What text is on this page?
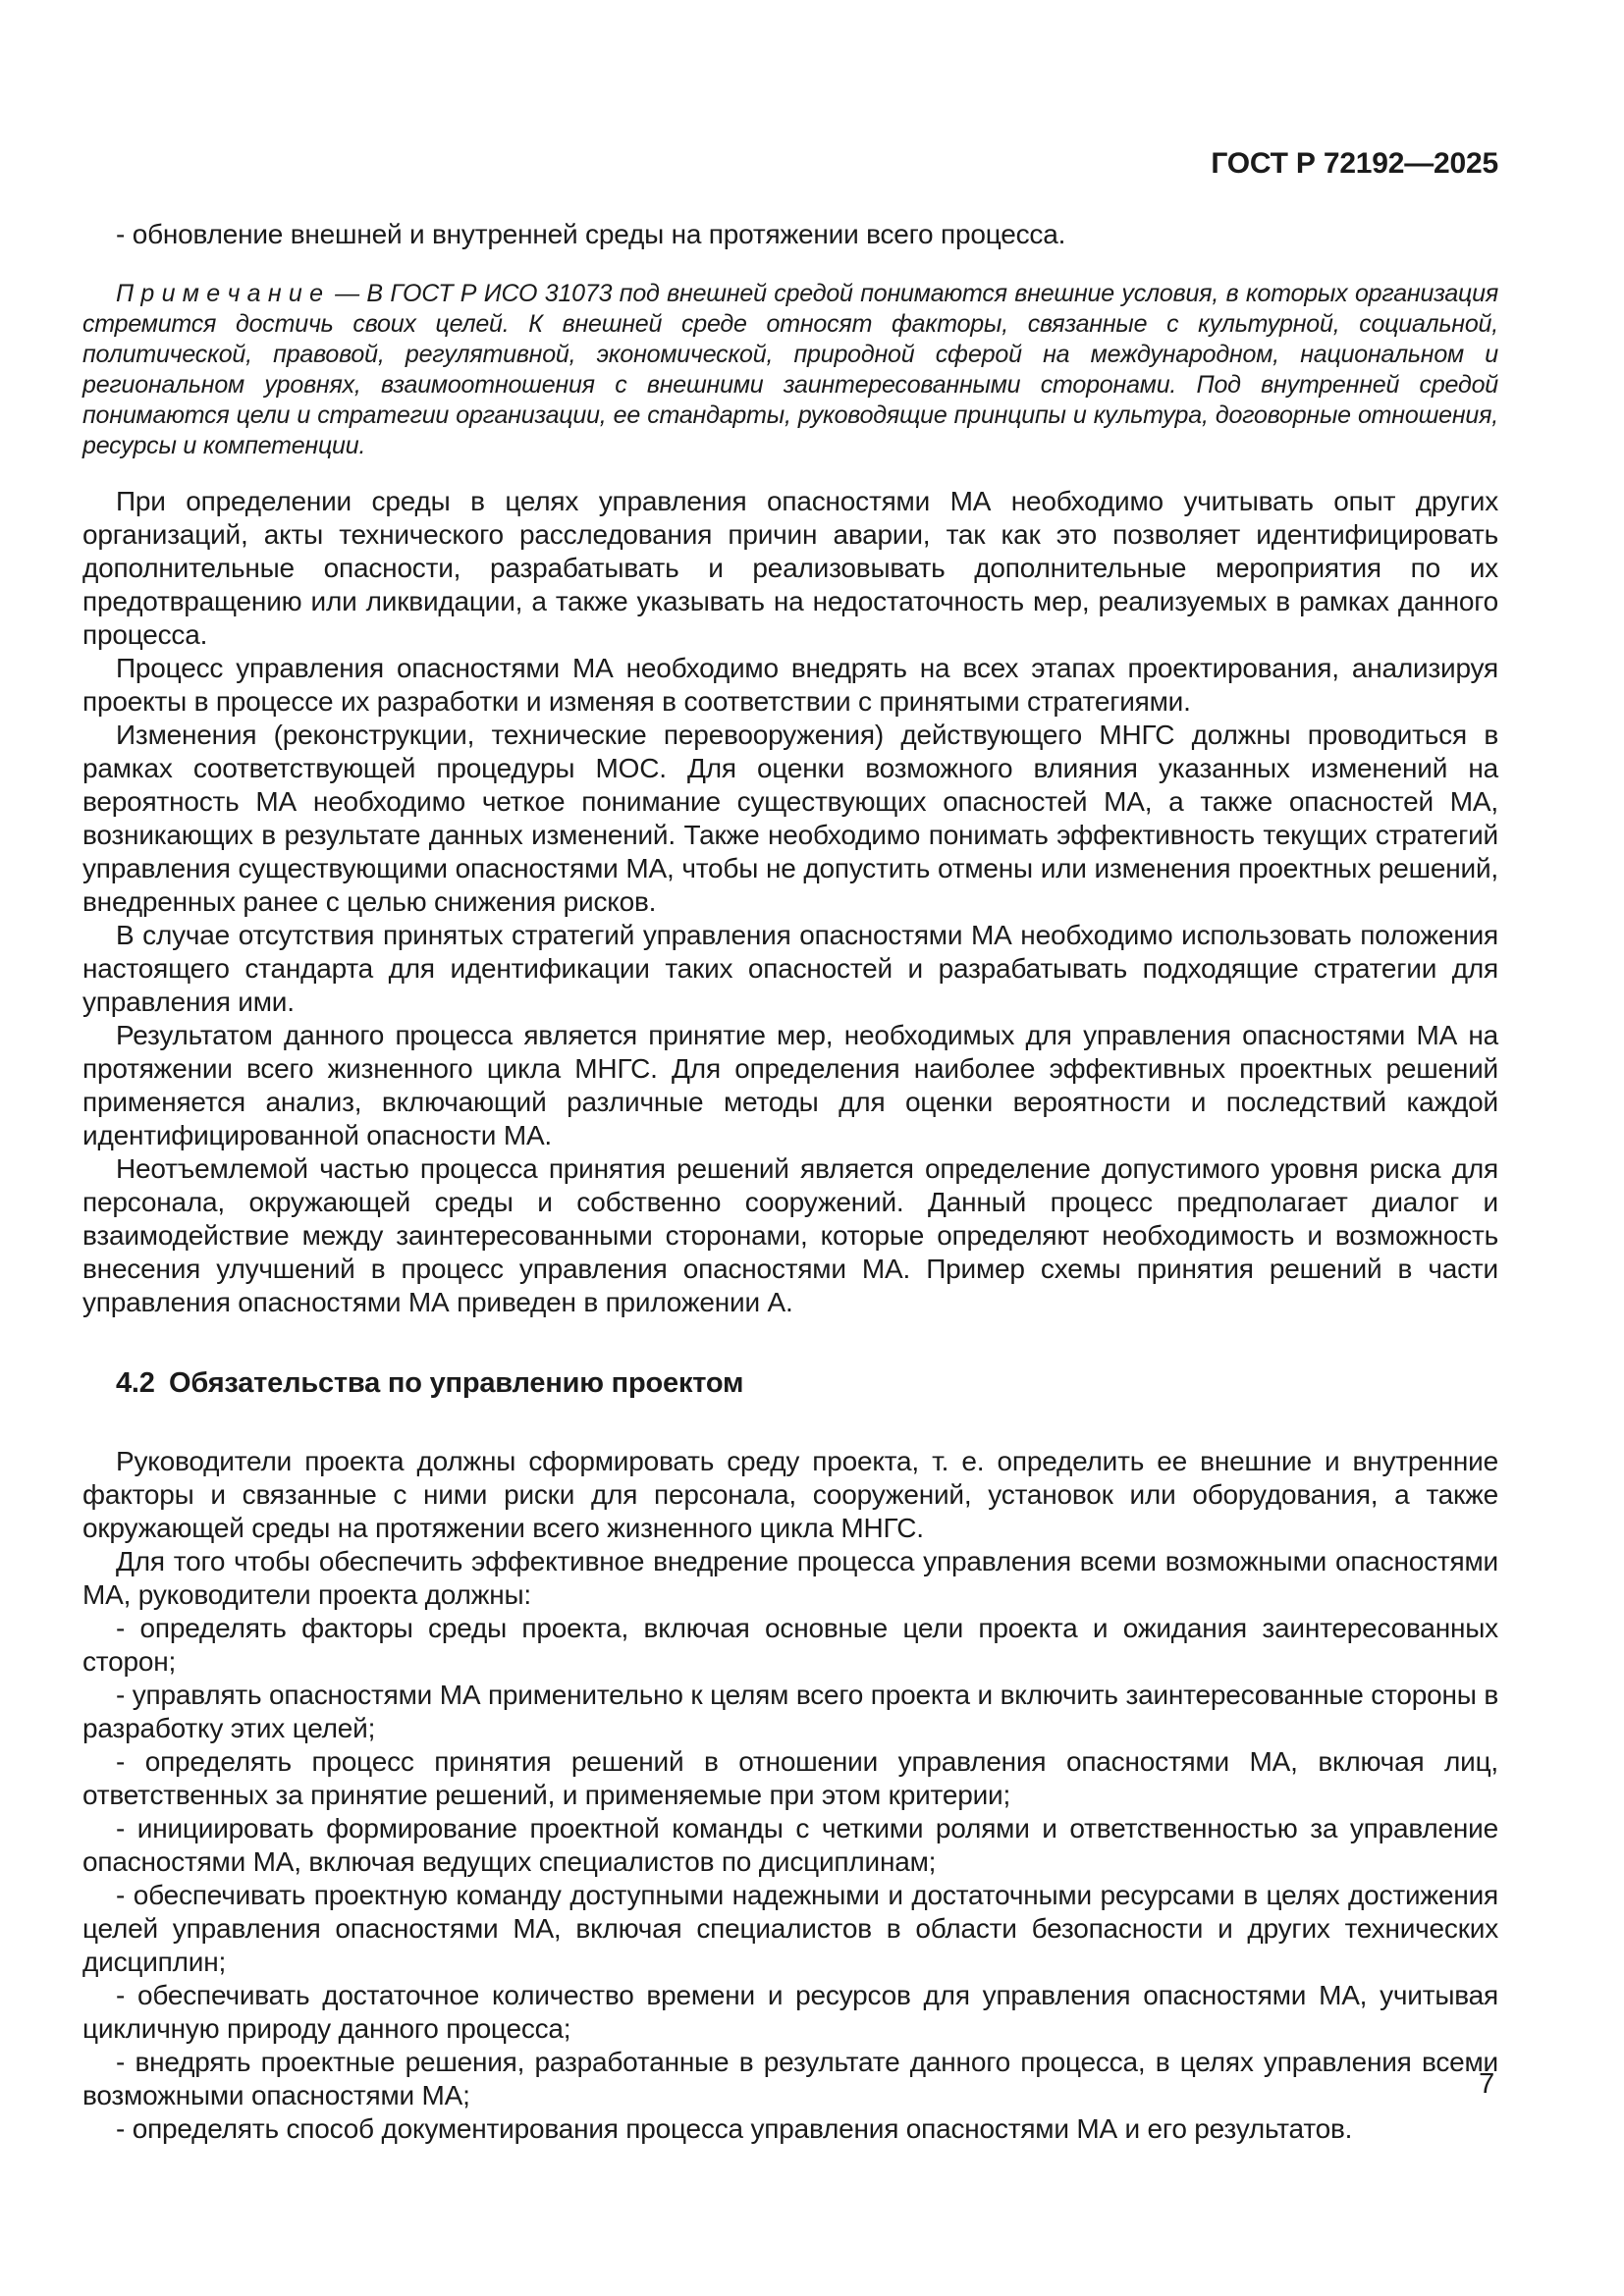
ГОСТ Р 72192—2025

- обновление внешней и внутренней среды на протяжении всего процесса.

П р и м е ч а н и е — В ГОСТ Р ИСО 31073 под внешней средой понимаются внешние условия, в которых организация стремится достичь своих целей. К внешней среде относят факторы, связанные с культурной, социальной, политической, правовой, регулятивной, экономической, природной сферой на международном, национальном и региональном уровнях, взаимоотношения с внешними заинтересованными сторонами. Под внутренней средой понимаются цели и стратегии организации, ее стандарты, руководящие принципы и культура, договорные отношения, ресурсы и компетенции.

При определении среды в целях управления опасностями МА необходимо учитывать опыт других организаций, акты технического расследования причин аварии, так как это позволяет идентифицировать дополнительные опасности, разрабатывать и реализовывать дополнительные мероприятия по их предотвращению или ликвидации, а также указывать на недостаточность мер, реализуемых в рамках данного процесса.

Процесс управления опасностями МА необходимо внедрять на всех этапах проектирования, анализируя проекты в процессе их разработки и изменяя в соответствии с принятыми стратегиями.

Изменения (реконструкции, технические перевооружения) действующего МНГС должны проводиться в рамках соответствующей процедуры МОС. Для оценки возможного влияния указанных изменений на вероятность МА необходимо четкое понимание существующих опасностей МА, а также опасностей МА, возникающих в результате данных изменений. Также необходимо понимать эффективность текущих стратегий управления существующими опасностями МА, чтобы не допустить отмены или изменения проектных решений, внедренных ранее с целью снижения рисков.

В случае отсутствия принятых стратегий управления опасностями МА необходимо использовать положения настоящего стандарта для идентификации таких опасностей и разрабатывать подходящие стратегии для управления ими.

Результатом данного процесса является принятие мер, необходимых для управления опасностями МА на протяжении всего жизненного цикла МНГС. Для определения наиболее эффективных проектных решений применяется анализ, включающий различные методы для оценки вероятности и последствий каждой идентифицированной опасности МА.

Неотъемлемой частью процесса принятия решений является определение допустимого уровня риска для персонала, окружающей среды и собственно сооружений. Данный процесс предполагает диалог и взаимодействие между заинтересованными сторонами, которые определяют необходимость и возможность внесения улучшений в процесс управления опасностями МА. Пример схемы принятия решений в части управления опасностями МА приведен в приложении А.

4.2 Обязательства по управлению проектом

Руководители проекта должны сформировать среду проекта, т. е. определить ее внешние и внутренние факторы и связанные с ними риски для персонала, сооружений, установок или оборудования, а также окружающей среды на протяжении всего жизненного цикла МНГС.

Для того чтобы обеспечить эффективное внедрение процесса управления всеми возможными опасностями МА, руководители проекта должны:

- определять факторы среды проекта, включая основные цели проекта и ожидания заинтересованных сторон;

- управлять опасностями МА применительно к целям всего проекта и включить заинтересованные стороны в разработку этих целей;

- определять процесс принятия решений в отношении управления опасностями МА, включая лиц, ответственных за принятие решений, и применяемые при этом критерии;

- инициировать формирование проектной команды с четкими ролями и ответственностью за управление опасностями МА, включая ведущих специалистов по дисциплинам;

- обеспечивать проектную команду доступными надежными и достаточными ресурсами в целях достижения целей управления опасностями МА, включая специалистов в области безопасности и других технических дисциплин;

- обеспечивать достаточное количество времени и ресурсов для управления опасностями МА, учитывая цикличную природу данного процесса;

- внедрять проектные решения, разработанные в результате данного процесса, в целях управления всеми возможными опасностями МА;

- определять способ документирования процесса управления опасностями МА и его результатов.

7
